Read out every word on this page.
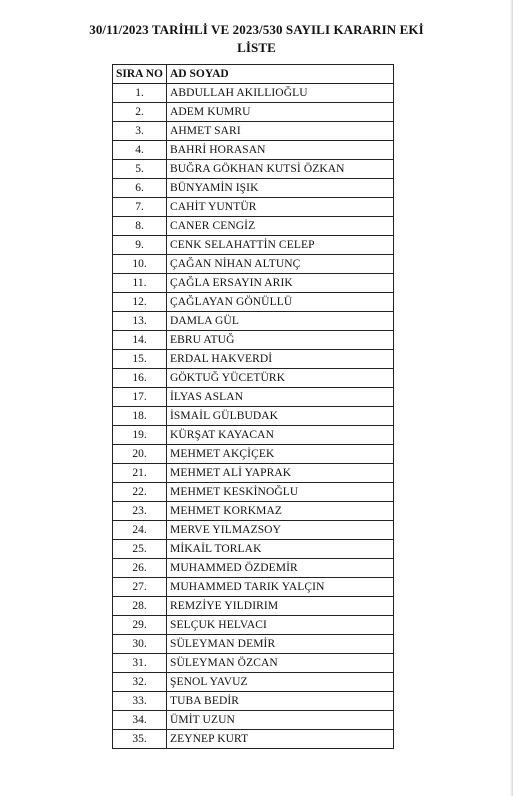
30/11/2023 TARİHLİ VE 2023/530 SAYILI KARARIN EKİ
LİSTE
SIRA NO	AD SOYAD
1.	ABDULLAH AKILLIOĞLU
2.	ADEM KUMRU
3.	AHMET SARI
4.	BAHRİ HORASAN
5.	BUĞRA GÖKHAN KUTSİ ÖZKAN
6.	BÜNYAMİN IŞIK
7.	CAHİT YUNTÜR
8.	CANER CENGİZ
9.	CENK SELAHATTİN CELEP
10.	ÇAĞAN NİHAN ALTUNÇ
11.	ÇAĞLA ERSAYIN ARIK
12.	ÇAĞLAYAN GÖNÜLLÜ
13.	DAMLA GÜL
14.	EBRU ATUĞ
15.	ERDAL HAKVERDİ
16.	GÖKTUĞ YÜCETÜRK
17.	İLYAS ASLAN
18.	İSMAİL GÜLBUDAK
19.	KÜRŞAT KAYACAN
20.	MEHMET AKÇİÇEK
21.	MEHMET ALİ YAPRAK
22.	MEHMET KESKİNOĞLU
23.	MEHMET KORKMAZ
24.	MERVE YILMAZSOY
25.	MİKAİL TORLAK
26.	MUHAMMED ÖZDEMİR
27.	MUHAMMED TARIK YALÇIN
28.	REMZİYE YILDIRIM
29.	SELÇUK HELVACI
30.	SÜLEYMAN DEMİR
31.	SÜLEYMAN ÖZCAN
32.	ŞENOL YAVUZ
33.	TUBA BEDİR
34.	ÜMİT UZUN
35.	ZEYNEP KURT
